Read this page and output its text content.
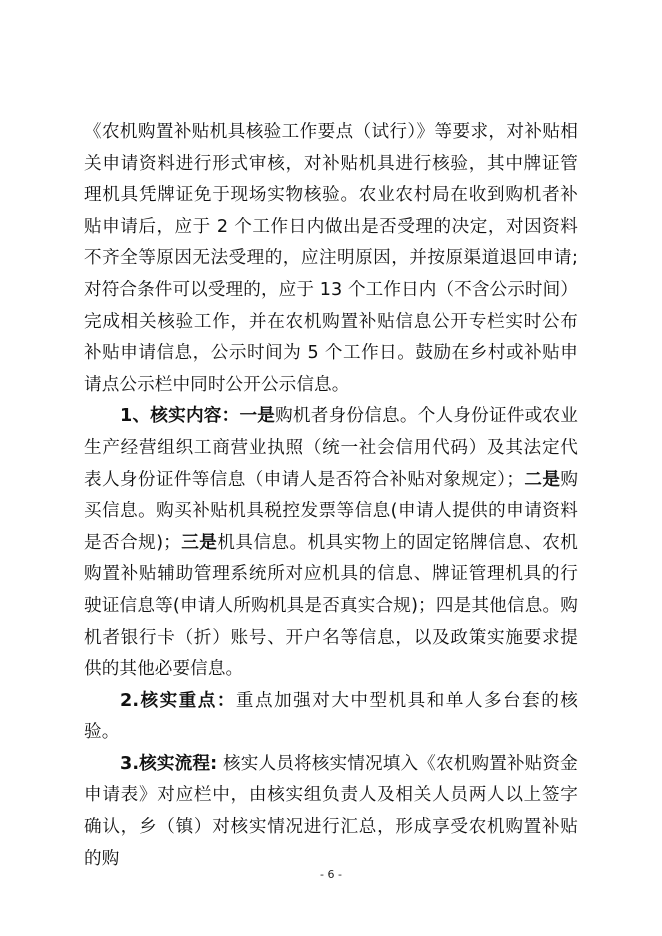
《农机购置补贴机具核验工作要点（试行）》等要求，对补贴相关申请资料进行形式审核，对补贴机具进行核验，其中牌证管理机具凭牌证免于现场实物核验。农业农村局在收到购机者补贴申请后，应于 2 个工作日内做出是否受理的决定，对因资料不齐全等原因无法受理的，应注明原因，并按原渠道退回申请; 对符合条件可以受理的，应于 13 个工作日内（不含公示时间）完成相关核验工作，并在农机购置补贴信息公开专栏实时公布补贴申请信息，公示时间为 5 个工作日。鼓励在乡村或补贴申请点公示栏中同时公开公示信息。

1、核实内容：一是购机者身份信息。个人身份证件或农业生产经营组织工商营业执照（统一社会信用代码）及其法定代表人身份证件等信息（申请人是否符合补贴对象规定）；二是购买信息。购买补贴机具税控发票等信息(申请人提供的申请资料是否合规)；三是机具信息。机具实物上的固定铭牌信息、农机购置补贴辅助管理系统所对应机具的信息、牌证管理机具的行驶证信息等(申请人所购机具是否真实合规)；四是其他信息。购机者银行卡（折）账号、开户名等信息，以及政策实施要求提供的其他必要信息。

2.核实重点：重点加强对大中型机具和单人多台套的核验。

3.核实流程: 核实人员将核实情况填入《农机购置补贴资金申请表》对应栏中，由核实组负责人及相关人员两人以上签字确认，乡（镇）对核实情况进行汇总，形成享受农机购置补贴的购

- 6 -
